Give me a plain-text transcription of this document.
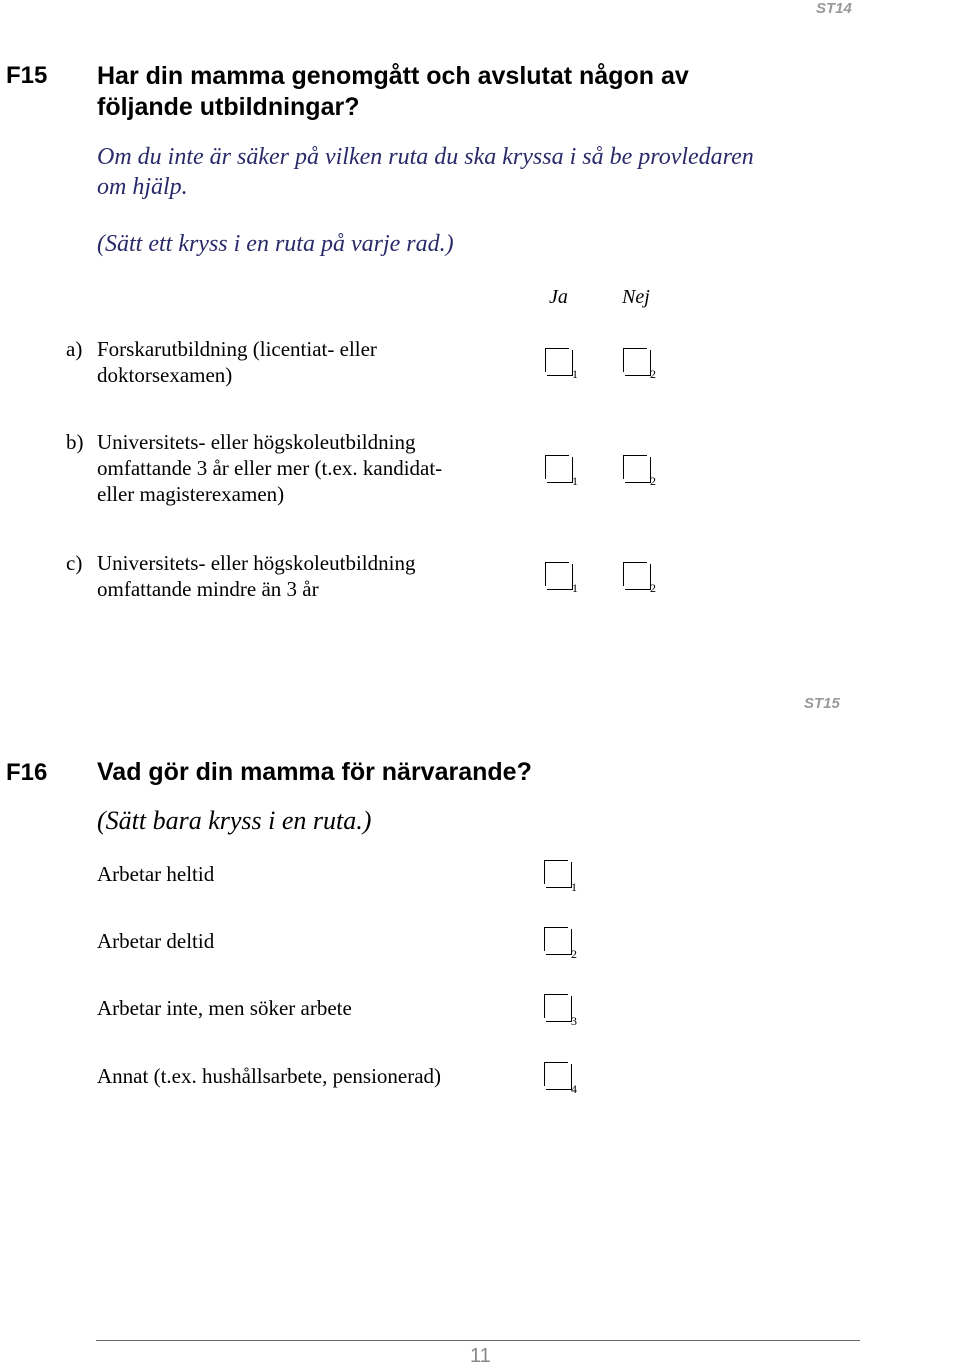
ST14
F15 Har din mamma genomgått och avslutat någon av
följande utbildningar?
Om du inte är säker på vilken ruta du ska kryssa i så be provledaren
om hjälp.
(Sätt ett kryss i en ruta på varje rad.)
Ja	Nej
a) Forskarutbildning (licentiat- eller
doktorsexamen)	1	2
b) Universitets- eller högskoleutbildning
omfattande 3 år eller mer (t.ex. kandidat-
eller magisterexamen)
1	2
c) Universitets- eller högskoleutbildning
omfattande mindre än 3 år	1	2
ST15
F16 Vad gör din mamma för närvarande?
(Sätt bara kryss i en ruta.)
Arbetar heltid
1
Arbetar deltid
2
Arbetar inte, men söker arbete
3
Annat (t.ex. hushållsarbete, pensionerad)
4
11
